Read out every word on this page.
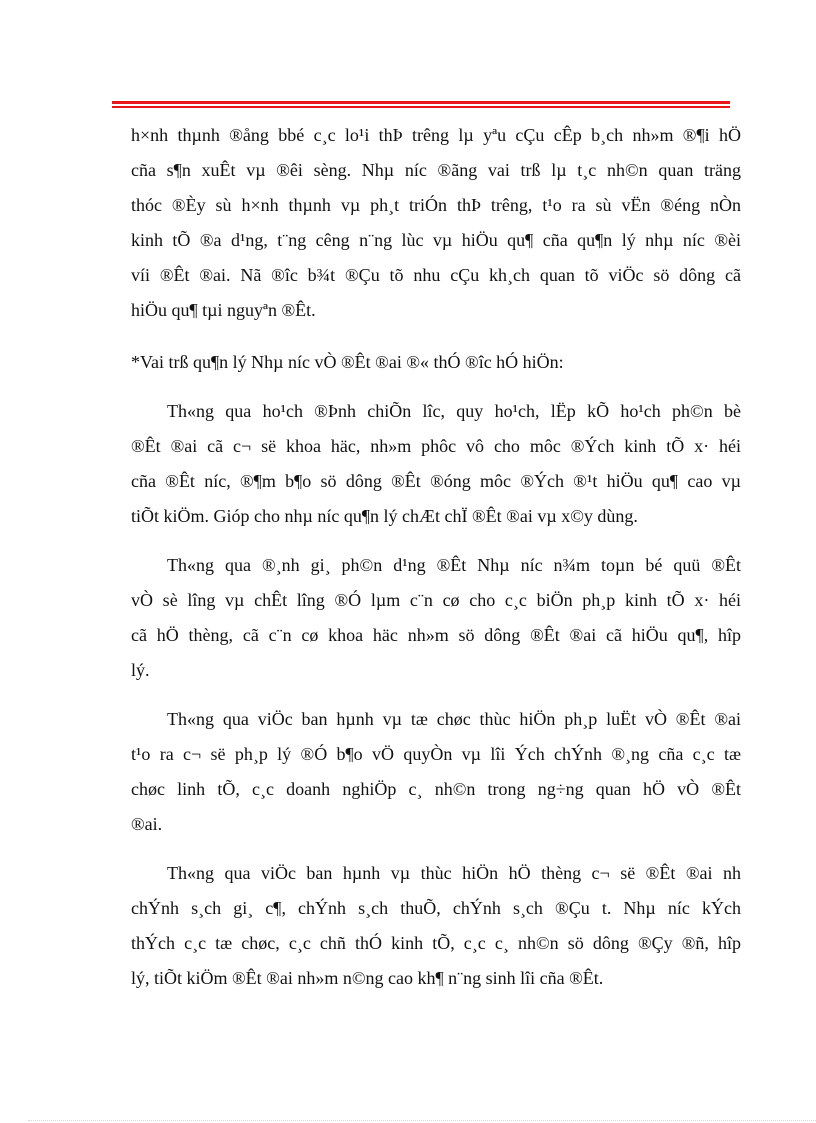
h×nh thµnh ®ång bbé c¸c lo¹i thÞ trêng lµ yªu cÇu cÊp b¸ch nh»m ®¶i hÖ
cña s¶n xuÊt vµ ®êi sèng. Nhµ níc ®ãng vai trß lµ t¸c nh©n quan träng
thóc ®Èy sù h×nh thµnh vµ ph¸t triÓn thÞ trêng, t¹o ra sù vËn ®éng nÒn
kinh tÕ ®a d¹ng, t¨ng cêng n¨ng lùc vµ hiÖu qu¶ cña qu¶n lý nhµ níc ®èi
víi ®Êt ®ai. Nã ®îc b¾t ®Çu tõ nhu cÇu kh¸ch quan tõ viÖc sö dông cã
hiÖu qu¶ tµi nguyªn ®Êt.
*Vai trß qu¶n lý Nhµ níc vÒ ®Êt ®ai ®« thÓ ®îc hÓ hiÖn:
Th«ng qua ho¹ch ®Þnh chiÕn lîc, quy ho¹ch, lËp kÕ ho¹ch ph©n bè
®Êt ®ai cã c¬ së khoa häc, nh»m phôc vô cho môc ®Ých kinh tÕ x· héi
cña ®Êt níc, ®¶m b¶o sö dông ®Êt ®óng môc ®Ých ®¹t hiÖu qu¶ cao vµ
tiÕt kiÖm. Gióp cho nhµ níc qu¶n lý chÆt chÏ ®Êt ®ai vµ x©y dùng.
Th«ng qua ®¸nh gi¸ ph©n d¹ng ®Êt Nhµ níc n¾m toµn bé quü ®Êt
vÒ sè lîng vµ chÊt lîng ®Ó lµm c¨n cø cho c¸c biÖn ph¸p kinh tÕ x· héi
cã hÖ thèng, cã c¨n cø khoa häc nh»m sö dông ®Êt ®ai cã hiÖu qu¶, hîp
lý.
Th«ng qua viÖc ban hµnh vµ tæ chøc thùc hiÖn ph¸p luËt vÒ ®Êt ®ai
t¹o ra c¬ së ph¸p lý ®Ó b¶o vÖ quyÒn vµ lîi Ých chÝnh ®¸ng cña c¸c tæ
chøc linh tÕ, c¸c doanh nghiÖp c¸ nh©n trong ng÷ng quan hÖ vÒ ®Êt
®ai.
Th«ng qua viÖc ban hµnh vµ thùc hiÖn hÖ thèng c¬ së ®Êt ®ai nh
chÝnh s¸ch gi¸ c¶, chÝnh s¸ch thuÕ, chÝnh s¸ch ®Çu t. Nhµ níc kÝch
thÝch c¸c tæ chøc, c¸c chñ thÓ kinh tÕ, c¸c c¸ nh©n sö dông ®Çy ®ñ, hîp
lý, tiÕt kiÖm ®Êt ®ai nh»m n©ng cao kh¶ n¨ng sinh lîi cña ®Êt.
